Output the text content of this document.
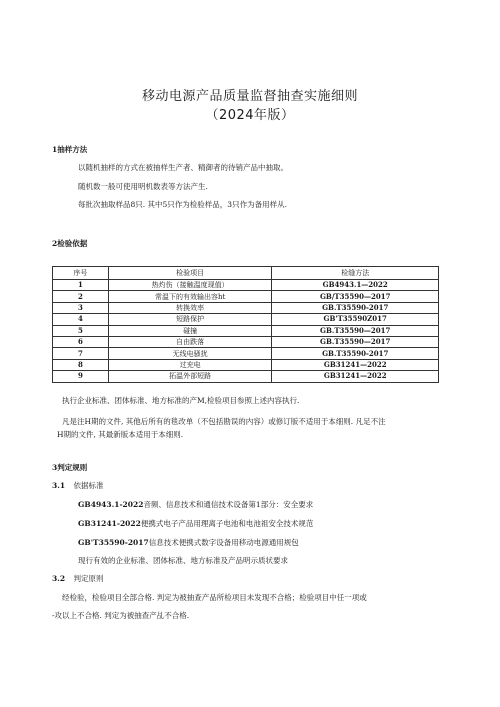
移动电源产品质量监督抽查实施细则
（2024年版）
1抽样方法
以随机抽样的方式在被抽样生产者、精御者的待销产品中抽取。
随机数一般可使用明机数表等方法产生.
每批次抽取样品8只. 其中5只作为检验样品，3只作为备用样从.
2检验依据
序号	检验项目	检缝方法
1	热灼伤（接触温度现值）	GB4943.1—2022
2	常温下的有效输出容ht	GB/T35590—2017
3	转换效率	GB.T35590-2017
4	短路保护	GB'T35590Z017
5	碰撞	GB.T35590—2017
6	自由跌落	GB.T35590—2017
7	无线电骚扰	GB.T35590-2017
8	过充电	GB31241—2022
9	拓温外部短路	GB31241—2022
执行企业标准、团体标准、地方标准的产M,检验项目参照上述内容执行.
凡是注H期的文件, 其他后所有的毯改单（不包括勘误的内容）或修订版不适用于本细则. 凡足不注
H期的文件, 其最新版本适用于本细则.
3判定规则
3.1 依据标准
GB4943.1-2022音频、信息技术和通信技术设备第1部分：安全要求
GB31241-2022便携式电子产品用理离子电池和电池祖安全技术规范
GB'T35590-2017信息技术便携式数字设备用移动电源通用规包
现行有效的企业标准、团体标准、地方标准及产品明示质状要求
3.2 判定原则
经检验，检验项目全部合格. 判定为被抽查产品所检项目未发现不合格；检验项目中任一项或
-攻以上不合格. 判定为被抽查产乩不合格.
